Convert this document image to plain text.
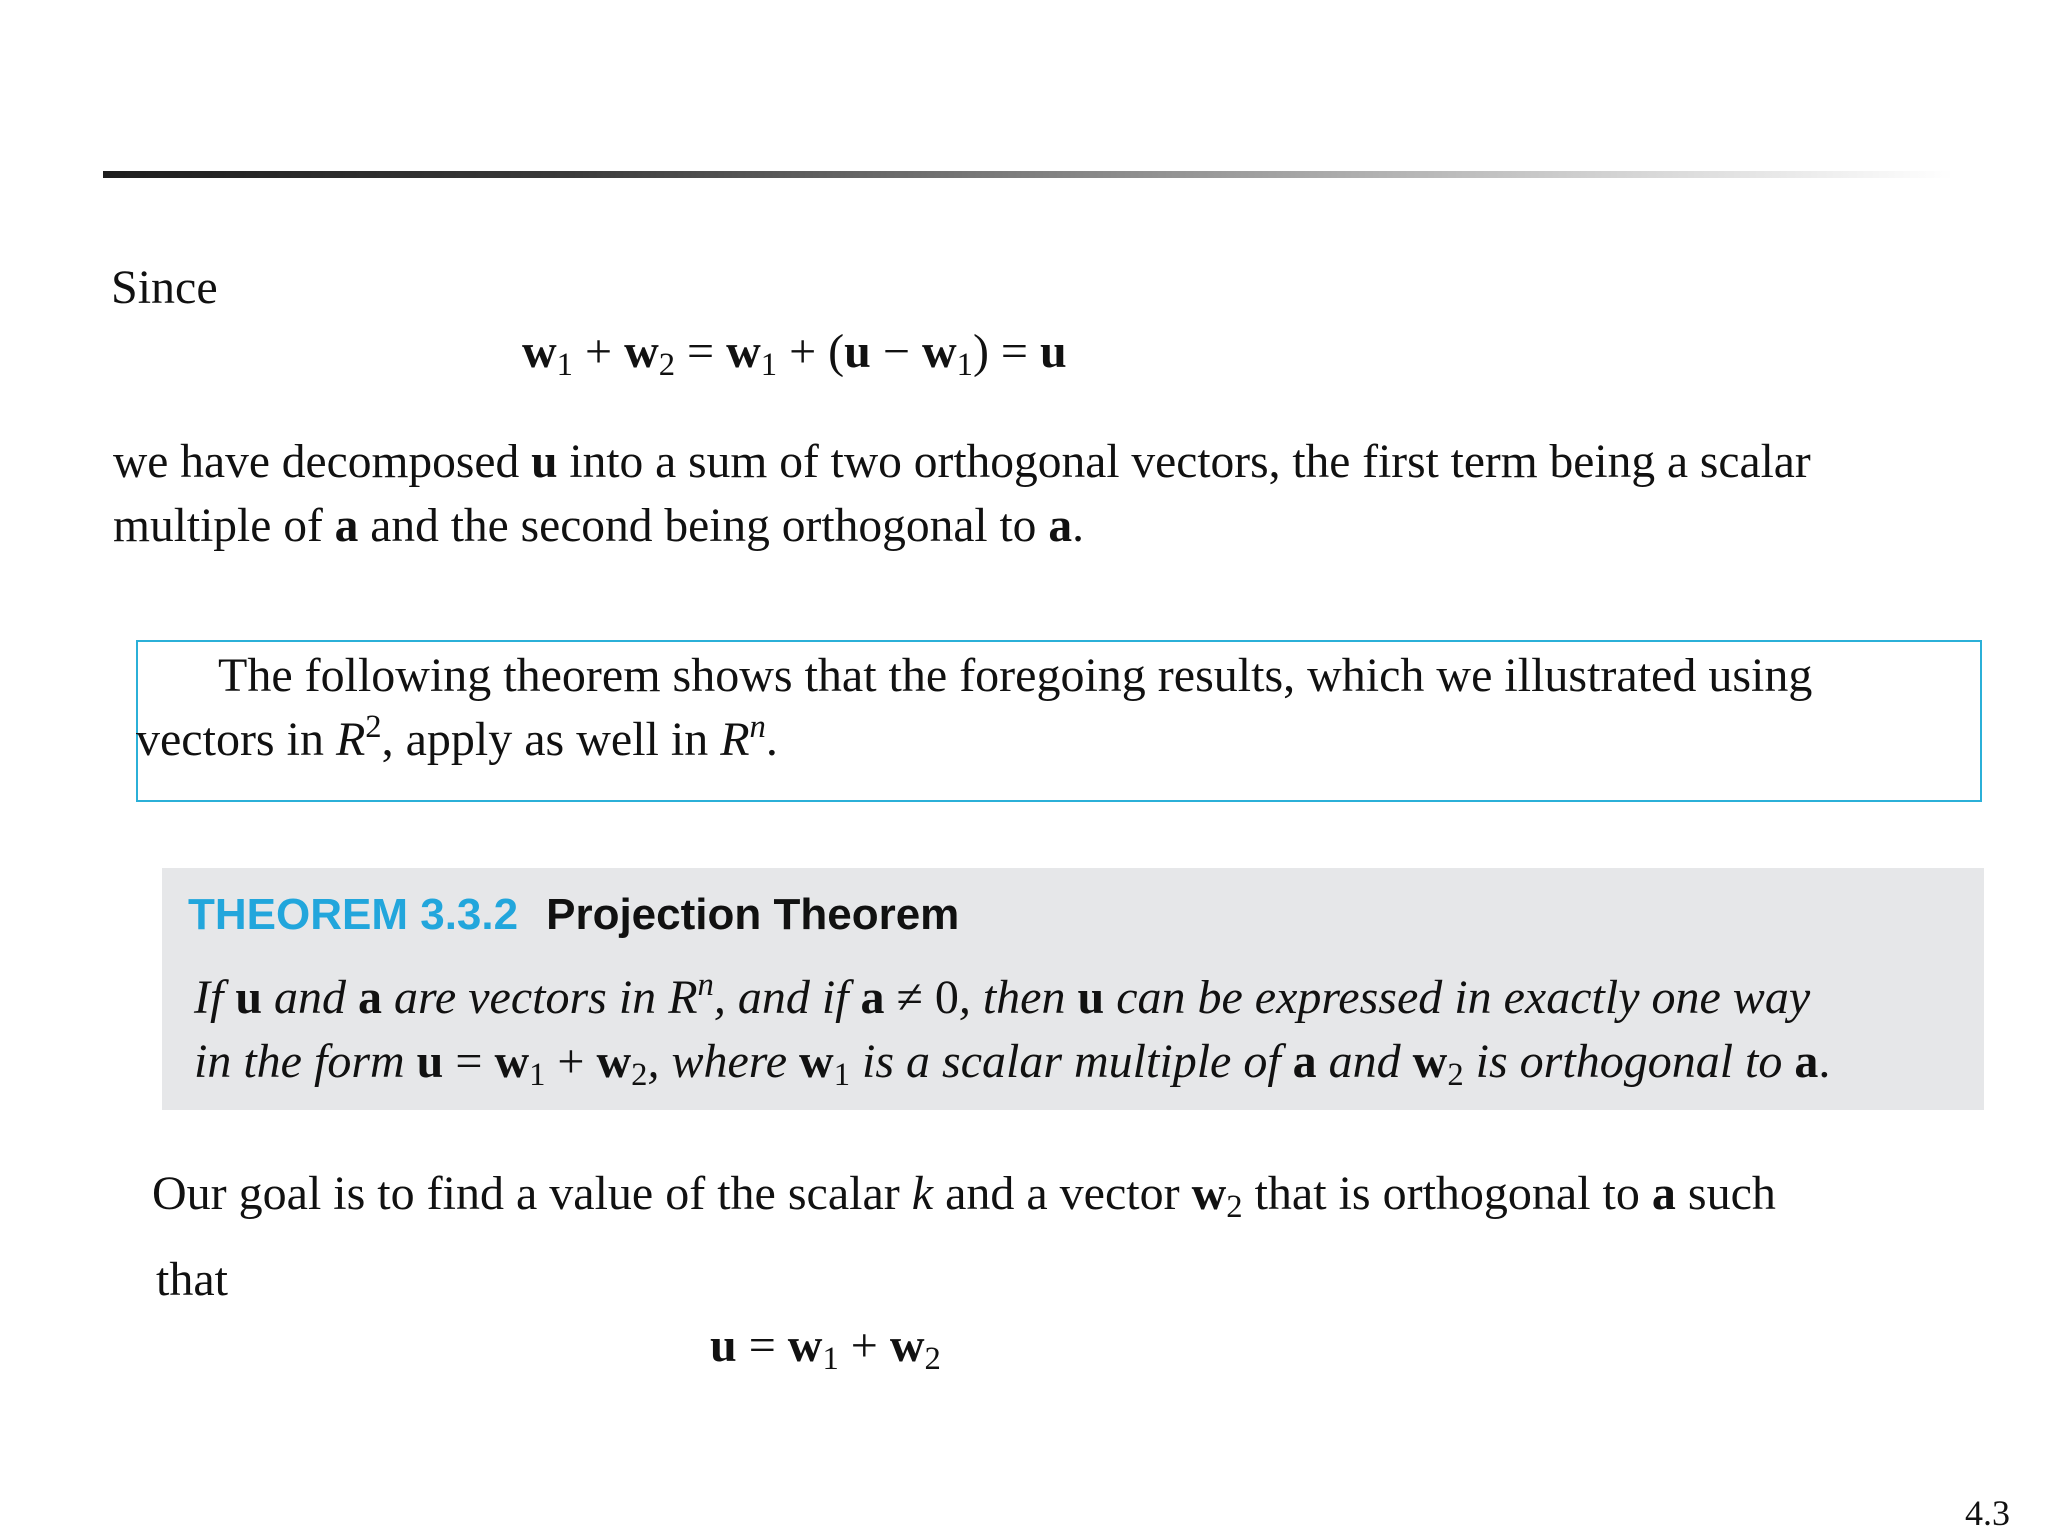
Since
$w_1 + w_2 = w_1 + (u - w_1) = u$
we have decomposed u into a sum of two orthogonal vectors, the first term being a scalar
multiple of a and the second being orthogonal to a.
The following theorem shows that the foregoing results, which we illustrated using
vectors in $R^2$, apply as well in $R^n$.
THEOREM 3.3.2 Projection Theorem
If u and a are vectors in $R^n$, and if a ≠ 0, then u can be expressed in exactly one way
in the form $u = w_1 + w_2$, where $w_1$ is a scalar multiple of a and $w_2$ is orthogonal to a.
Our goal is to find a value of the scalar k and a vector $w_2$ that is orthogonal to a such
that
$u = w_1 + w_2$
4.3
